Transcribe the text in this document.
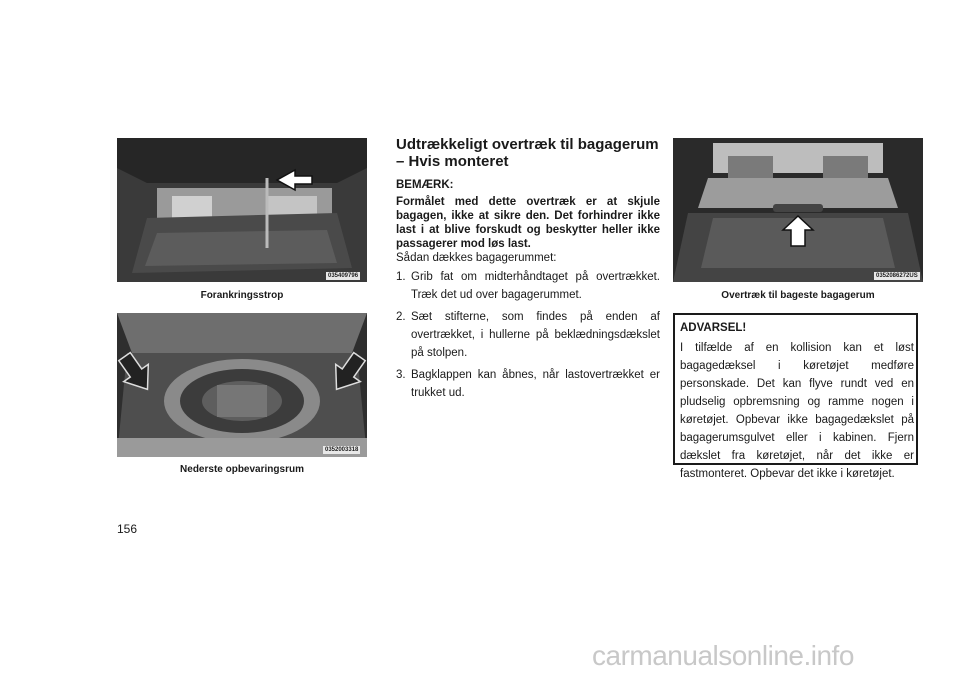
035409796
Forankringsstrop
0352003318
Nederste opbevaringsrum
Udtrækkeligt overtræk til bagagerum – Hvis monteret

BEMÆRK:

Formålet med dette overtræk er at skjule bagagen, ikke at sikre den. Det forhindrer ikke last i at blive forskudt og beskytter heller ikke passagerer mod løs last.

Sådan dækkes bagagerummet:

1. Grib fat om midterhåndtaget på overtrækket. Træk det ud over bagagerummet.
2. Sæt stifterne, som findes på enden af overtrækket, i hullerne på beklædningsdækslet på stolpen.
3. Bagklappen kan åbnes, når lastovertrækket er trukket ud.
0352086272US
Overtræk til bageste bagagerum

ADVARSEL!

I tilfælde af en kollision kan et løst bagagedæksel i køretøjet medføre personskade. Det kan flyve rundt ved en pludselig opbremsning og ramme nogen i køretøjet. Opbevar ikke bagagedækslet på bagagerumsgulvet eller i kabinen. Fjern dækslet fra køretøjet, når det ikke er fastmonteret. Opbevar det ikke i køretøjet.

156
carmanualsonline.info
